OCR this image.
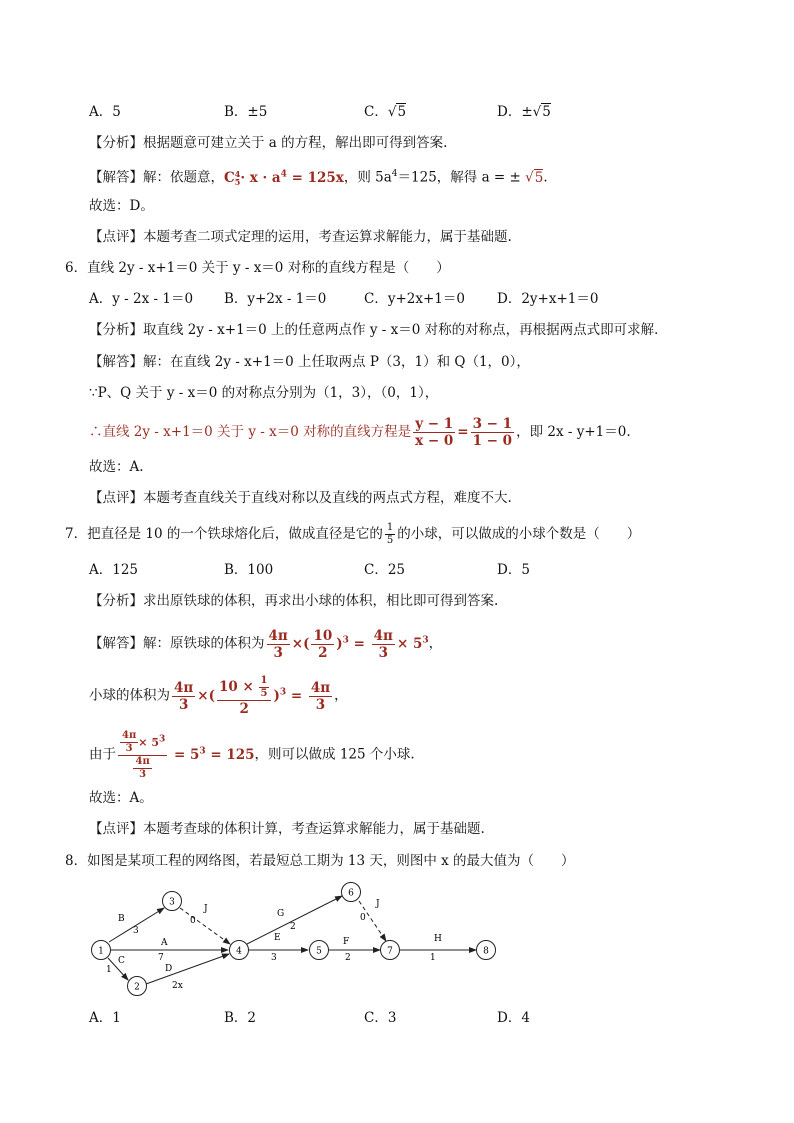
A．5	B．±5	C．√5	D．±√5
【分析】根据题意可建立关于 a 的方程，解出即可得到答案.
【解答】解：依题意，C 4
$5 \cdot x \cdot a^4 = 125x$，则 $5a^4=125$，解得 a = ± √5.
故选：D。
【点评】本题考查二项式定理的运用，考查运算求解能力，属于基础题.
6．直线 2y - x+1＝0 关于 y - x＝0 对称的直线方程是（　　）
A．y - 2x - 1＝0 B．y+2x - 1＝0	C．y+2x+1＝0 D．2y+x+1＝0
【分析】取直线 2y - x+1＝0 上的任意两点作 y - x＝0 对称的对称点，再根据两点式即可求解．
【解答】解：在直线 2y - x+1＝0 上任取两点 P（3，1）和 Q（1，0），
∵P、Q 关于 y - x＝0 的对称点分别为（1，3），（0，1），
∴直线 2y - x+1＝0 关于 y - x＝0 对称的直线方程是 $\frac{y - 1}{x - 0} = \frac{3 - 1}{1 - 0}$ ，即 2x - y+1＝0.
故选：A.
【点评】本题考查直线关于直线对称以及直线的两点式方程，难度不大.
7．把直径是 10 的一个铁球熔化后，做成直径是它的 $\frac{1}{5}$ 的小球，可以做成的小球个数是（　　）
A．125	B．100	C．25	D．5
【分析】求出原铁球的体积，再求出小球的体积，相比即可得到答案.
【解答】解：原铁球的体积为 $\frac{4\pi}{3}$ ×( $\frac{10}{2} )^3 = \frac{4\pi}{3} \times 5^3$，
小球的体积为 $\frac{4\pi}{3}$ ×( $\frac{10 \times \frac{1}{5}}{2} )^3 = \frac{4\pi}{3}$ ，
由于 $\frac{\frac{4\pi}{3} \times 5^3}{\frac{4\pi}{3}} = 5^3 = 125$，则可以做成 125 个小球.
故选：A。
【点评】本题考查球的体积计算，考查运算求解能力，属于基础题.
8．如图是某项工程的网络图，若最短总工期为 13 天，则图中 x 的最大值为（　　）
B
3
J
0
A
7
C
1	D
2x
G
2
E
3
F
2
J
0
H
1
1
2
3
4	5
6
7	8
A．1	B．2	C．3	D．4
